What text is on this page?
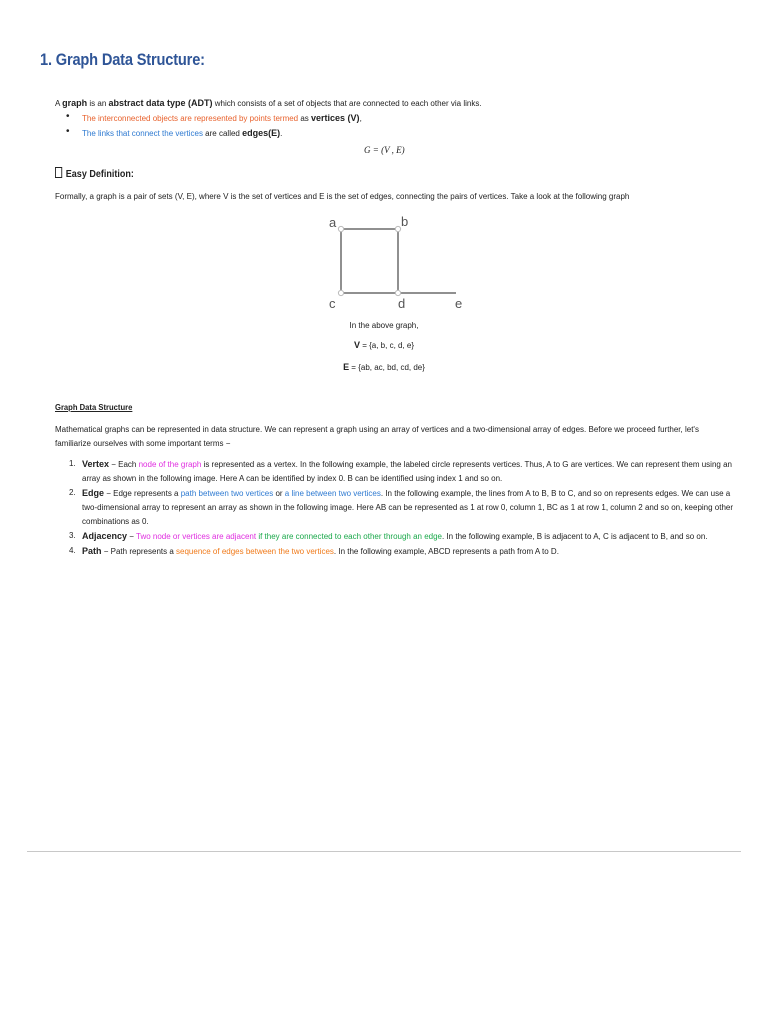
1. Graph Data Structure:

A graph is an abstract data type (ADT) which consists of a set of objects that are connected to each other via links.

• The interconnected objects are represented by points termed as vertices (V),
• The links that connect the vertices are called edges(E).
G = (V , E)
Easy Definition:

Formally, a graph is a pair of sets (V, E), where V is the set of vertices and E is the set of edges, connecting the pairs of vertices. Take a look at the following graph

a	b
c	d	e

In the above graph,

V = {a, b, c, d, e}

E = {ab, ac, bd, cd, de}

Graph Data Structure

Mathematical graphs can be represented in data structure. We can represent a graph using an array of vertices and a two-dimensional array of edges. Before we proceed further, let's familiarize ourselves with some important terms −

1. Vertex − Each node of the graph is represented as a vertex. In the following example, the labeled circle represents vertices. Thus, A to G are vertices. We can represent them using an array as shown in the following image. Here A can be identified by index 0. B can be identified using index 1 and so on.
2. Edge − Edge represents a path between two vertices or a line between two vertices. In the following example, the lines from A to B, B to C, and so on represents edges. We can use a two-dimensional array to represent an array as shown in the following image. Here AB can be represented as 1 at row 0, column 1, BC as 1 at row 1, column 2 and so on, keeping other combinations as 0.
3. Adjacency − Two node or vertices are adjacent if they are connected to each other through an edge. In the following example, B is adjacent to A, C is adjacent to B, and so on.
4. Path − Path represents a sequence of edges between the two vertices. In the following example, ABCD represents a path from A to D.
